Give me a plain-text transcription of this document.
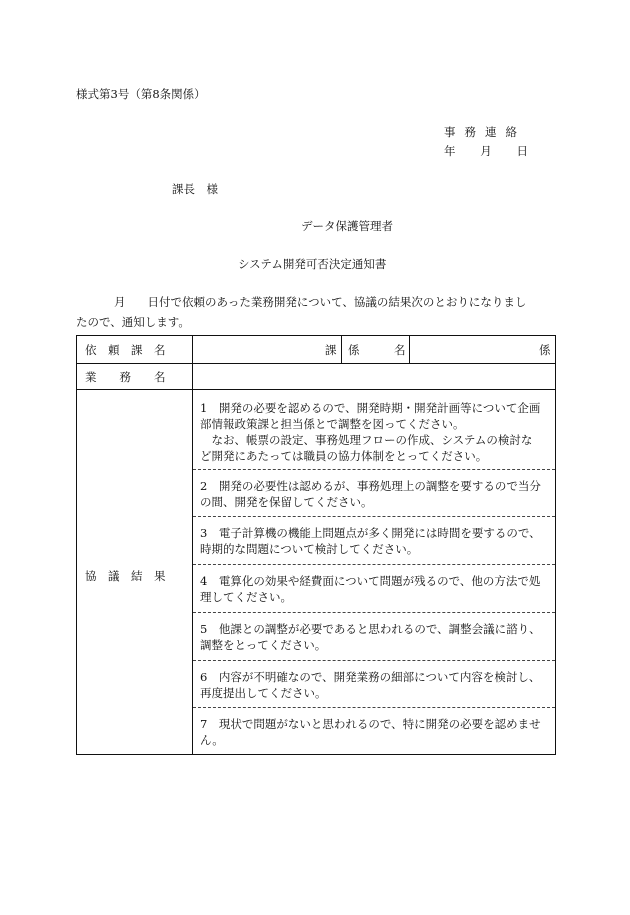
様式第3号（第8条関係）
事務連絡
年 月 日
課長　様
データ保護管理者
システム開発可否決定通知書
月 日付で依頼のあった業務開発について、協議の結果次のとおりになりまし
たので、通知します。
依　頼　課　名	課 係　　　名	係
業　　務　　名
協　議　結　果
1　開発の必要を認めるので、開発時期・開発計画等について企画
部情報政策課と担当係とで調整を図ってください。
　なお、帳票の設定、事務処理フローの作成、システムの検討な
ど開発にあたっては職員の協力体制をとってください。
2　開発の必要性は認めるが、事務処理上の調整を要するので当分
の間、開発を保留してください。
3　電子計算機の機能上問題点が多く開発には時間を要するので、
時期的な問題について検討してください。
4　電算化の効果や経費面について問題が残るので、他の方法で処
理してください。
5　他課との調整が必要であると思われるので、調整会議に諮り、
調整をとってください。
6　内容が不明確なので、開発業務の細部について内容を検討し、
再度提出してください。
7　現状で問題がないと思われるので、特に開発の必要を認めませ
ん。
